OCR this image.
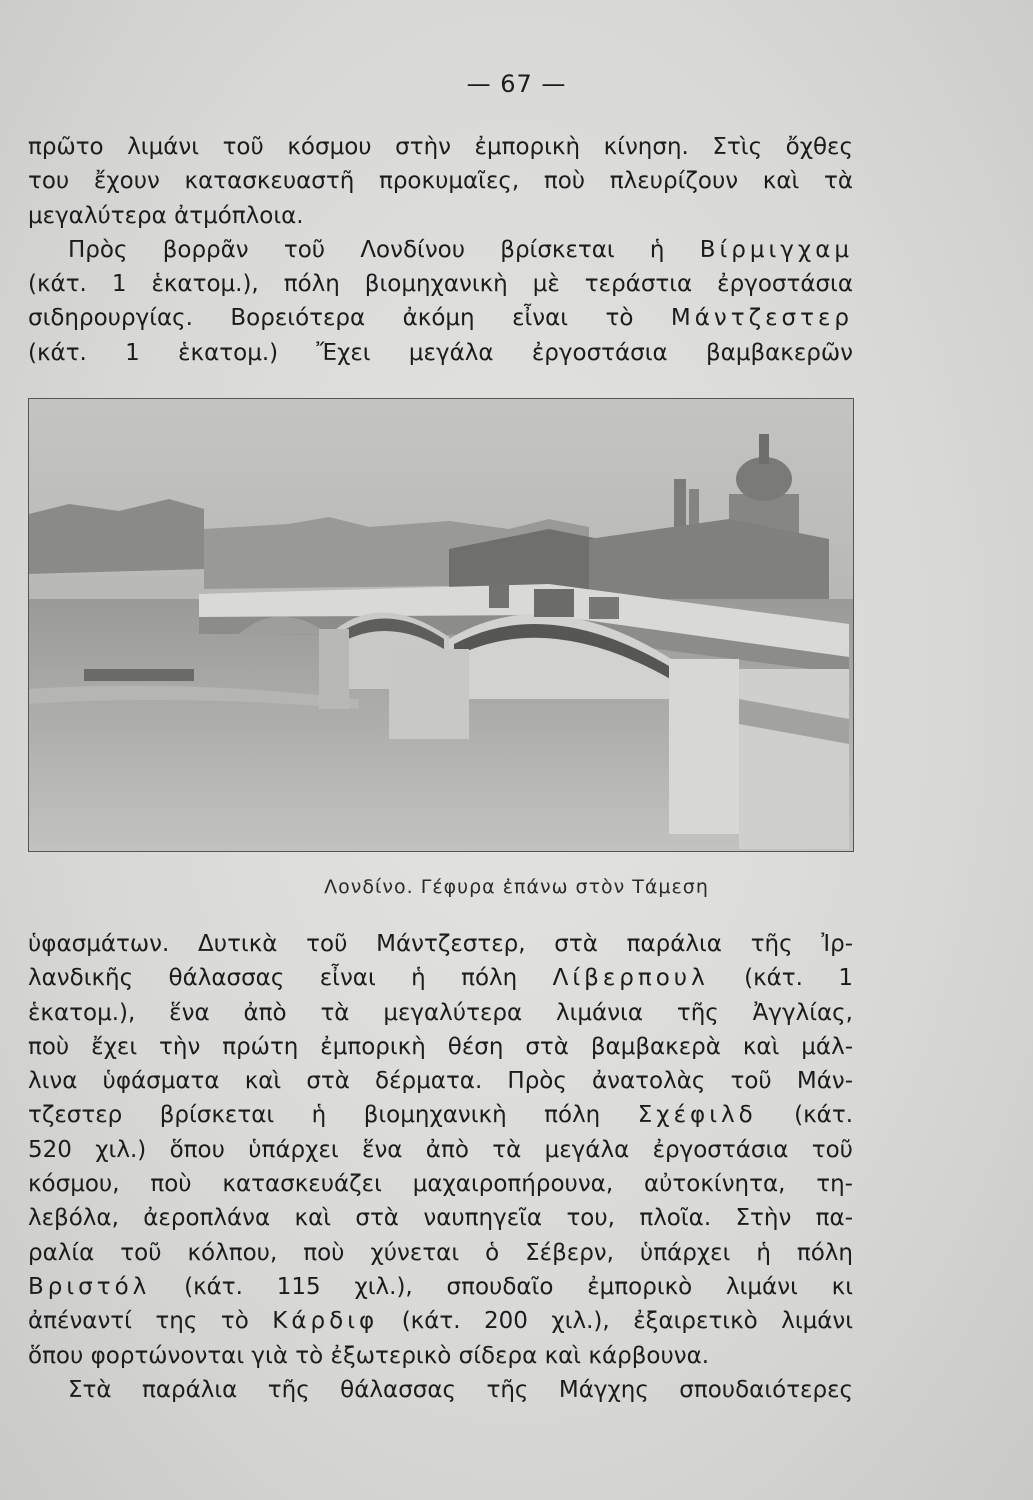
— 67 —
πρῶτο λιμάνι τοῦ κόσμου στὴν ἐμπορικὴ κίνηση. Στὶς ὄχθες
του ἔχουν κατασκευαστῆ προκυμαῖες, ποὺ πλευρίζουν καὶ τὰ
μεγαλύτερα ἀτμόπλοια.
Πρὸς βορρᾶν τοῦ Λονδίνου βρίσκεται ἡ Βίρμιγχαμ
(κάτ. 1 ἑκατομ.), πόλη βιομηχανικὴ μὲ τεράστια ἐργοστάσια
σιδηρουργίας. Βορειότερα ἀκόμη εἶναι τὸ Μάντζεστερ
(κάτ. 1 ἑκατομ.) Ἔχει μεγάλα ἐργοστάσια βαμβακερῶν
Λονδίνο. Γέφυρα ἐπάνω στὸν Τάμεση
ὑφασμάτων. Δυτικὰ τοῦ Μάντζεστερ, στὰ παράλια τῆς Ἰρ-
λανδικῆς θάλασσας εἶναι ἡ πόλη Λίβερπουλ (κάτ. 1
ἑκατομ.), ἕνα ἀπὸ τὰ μεγαλύτερα λιμάνια τῆς Ἀγγλίας,
ποὺ ἔχει τὴν πρώτη ἐμπορικὴ θέση στὰ βαμβακερὰ καὶ μάλ-
λινα ὑφάσματα καὶ στὰ δέρματα. Πρὸς ἀνατολὰς τοῦ Μάν-
τζεστερ βρίσκεται ἡ βιομηχανικὴ πόλη Σχέφιλδ (κάτ.
520 χιλ.) ὅπου ὑπάρχει ἕνα ἀπὸ τὰ μεγάλα ἐργοστάσια τοῦ
κόσμου, ποὺ κατασκευάζει μαχαιροπήρουνα, αὐτοκίνητα, τη-
λεβόλα, ἀεροπλάνα καὶ στὰ ναυπηγεῖα του, πλοῖα. Στὴν πα-
ραλία τοῦ κόλπου, ποὺ χύνεται ὁ Σέβερν, ὑπάρχει ἡ πόλη
Βριστόλ (κάτ. 115 χιλ.), σπουδαῖο ἐμπορικὸ λιμάνι κι
ἀπέναντί της τὸ Κάρδιφ (κάτ. 200 χιλ.), ἐξαιρετικὸ λιμάνι
ὅπου φορτώνονται γιὰ τὸ ἐξωτερικὸ σίδερα καὶ κάρβουνα.
Στὰ παράλια τῆς θάλασσας τῆς Μάγχης σπουδαιότερες
